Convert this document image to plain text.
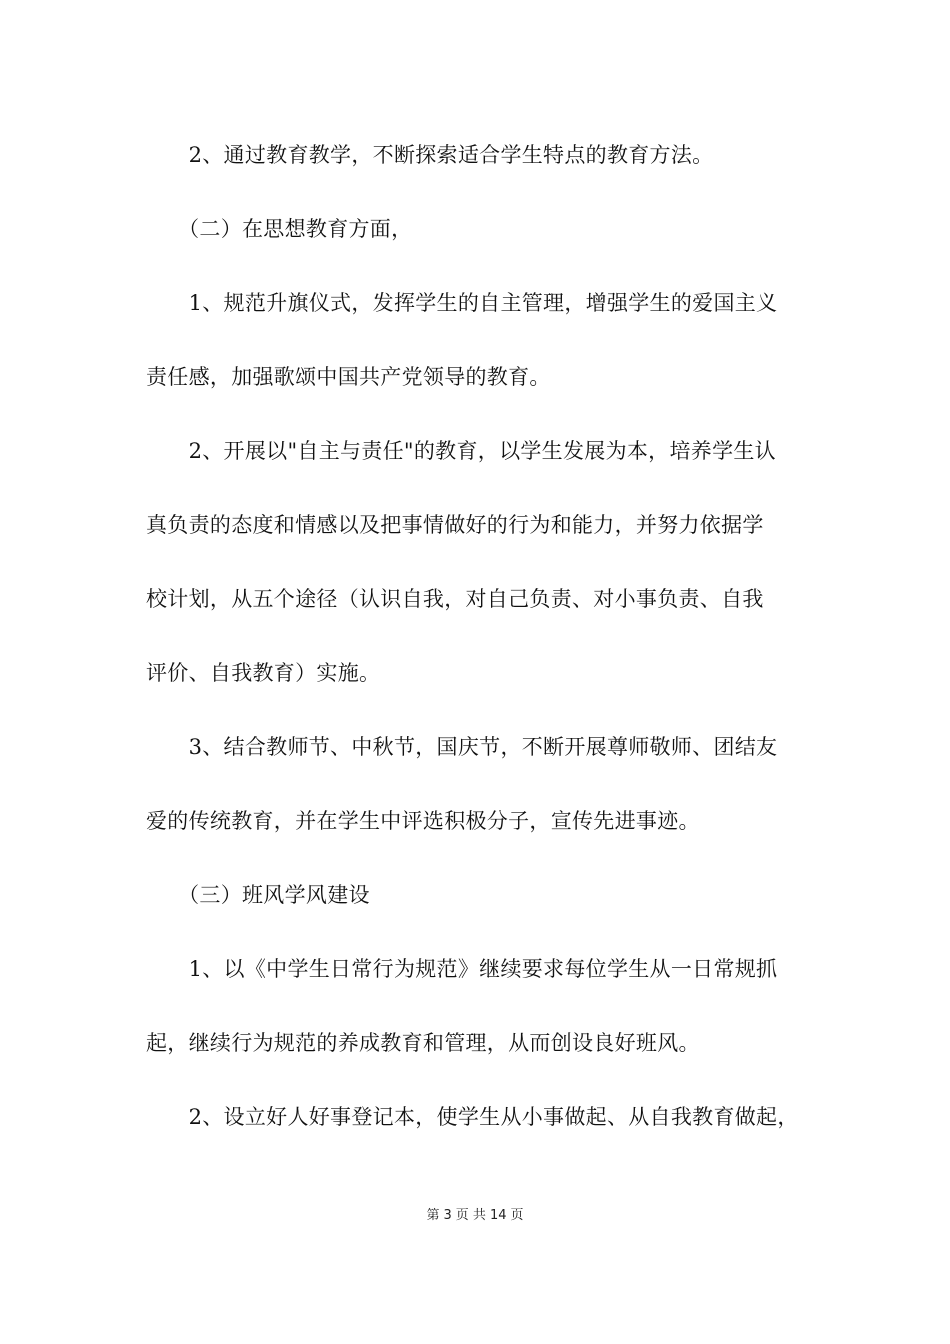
　　2、通过教育教学，不断探索适合学生特点的教育方法。
　　（二）在思想教育方面，
　　1、规范升旗仪式，发挥学生的自主管理，增强学生的爱国主义
责任感，加强歌颂中国共产党领导的教育。
　　2、开展以"自主与责任"的教育，以学生发展为本，培养学生认
真负责的态度和情感以及把事情做好的行为和能力，并努力依据学
校计划，从五个途径（认识自我，对自己负责、对小事负责、自我
评价、自我教育）实施。
　　3、结合教师节、中秋节，国庆节，不断开展尊师敬师、团结友
爱的传统教育，并在学生中评选积极分子，宣传先进事迹。
　　（三）班风学风建设
　　1、以《中学生日常行为规范》继续要求每位学生从一日常规抓
起，继续行为规范的养成教育和管理，从而创设良好班风。
　　2、设立好人好事登记本，使学生从小事做起、从自我教育做起，
第 3 页 共 14 页
